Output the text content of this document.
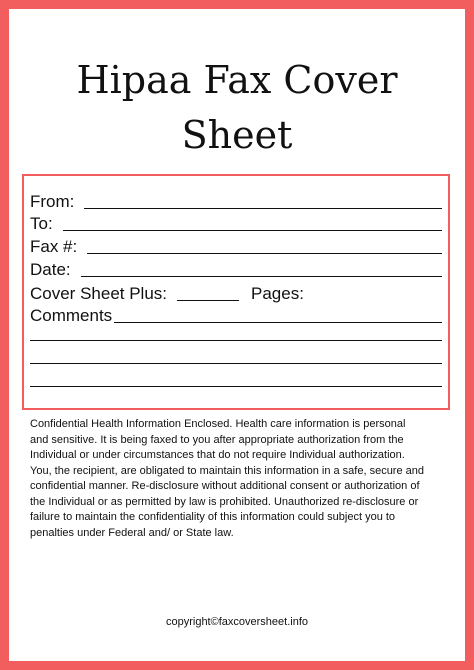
Hipaa Fax Cover
Sheet
From:
To:
Fax #:
Date:
Cover Sheet Plus:	Pages:
Comments
Confidential Health Information Enclosed. Health care information is personal
and sensitive. It is being faxed to you after appropriate authorization from the
Individual or under circumstances that do not require Individual authorization.
You, the recipient, are obligated to maintain this information in a safe, secure and
confidential manner. Re-disclosure without additional consent or authorization of
the Individual or as permitted by law is prohibited. Unauthorized re-disclosure or
failure to maintain the confidentiality of this information could subject you to
penalties under Federal and/ or State law.
copyright©faxcoversheet.info
